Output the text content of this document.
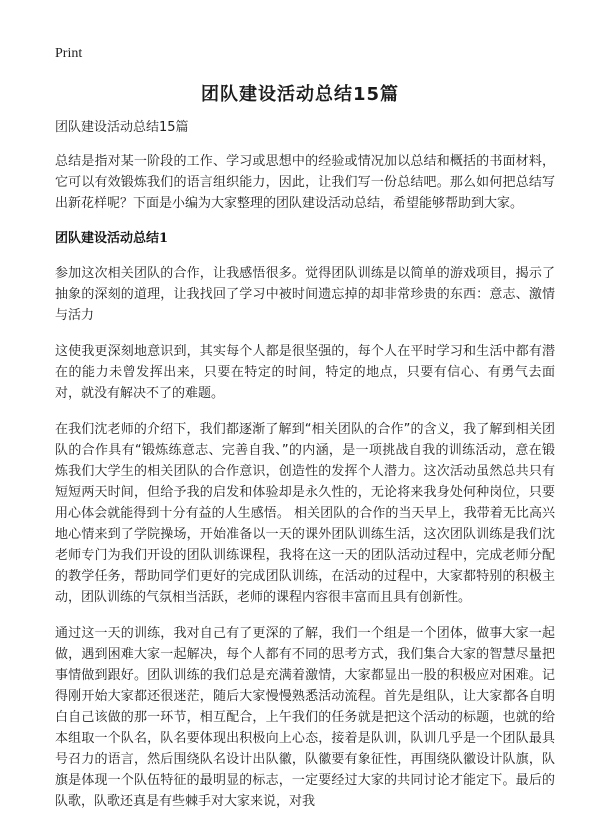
Print
团队建设活动总结15篇
团队建设活动总结15篇

总结是指对某一阶段的工作、学习或思想中的经验或情况加以总结和概括的书面材料，它可以有效锻炼我们的语言组织能力，因此，让我们写一份总结吧。那么如何把总结写出新花样呢？下面是小编为大家整理的团队建设活动总结，希望能够帮助到大家。

团队建设活动总结1

参加这次相关团队的合作，让我感悟很多。觉得团队训练是以简单的游戏项目，揭示了抽象的深刻的道理，让我找回了学习中被时间遗忘掉的却非常珍贵的东西：意志、激情与活力

这使我更深刻地意识到，其实每个人都是很坚强的，每个人在平时学习和生活中都有潜在的能力未曾发挥出来，只要在特定的时间，特定的地点，只要有信心、有勇气去面对，就没有解决不了的难题。

在我们沈老师的介绍下，我们都逐渐了解到“相关团队的合作”的含义，我了解到相关团队的合作具有“锻炼练意志、完善自我、”的内涵，是一项挑战自我的训练活动，意在锻炼我们大学生的相关团队的合作意识，创造性的发挥个人潜力。这次活动虽然总共只有短短两天时间，但给予我的启发和体验却是永久性的，无论将来我身处何种岗位，只要用心体会就能得到十分有益的人生感悟。 相关团队的合作的当天早上，我带着无比高兴地心情来到了学院操场，开始准备以一天的课外团队训练生活，这次团队训练是我们沈老师专门为我们开设的团队训练课程，我将在这一天的团队活动过程中，完成老师分配的教学任务，帮助同学们更好的完成团队训练，在活动的过程中，大家都特别的积极主动，团队训练的气氛相当活跃，老师的课程内容很丰富而且具有创新性。

通过这一天的训练，我对自己有了更深的了解，我们一个组是一个团体，做事大家一起做，遇到困难大家一起解决，每个人都有不同的思考方式，我们集合大家的智慧尽量把事情做到跟好。团队训练的我们总是充满着激情，大家都显出一股的积极应对困难。记得刚开始大家都还很迷茫，随后大家慢慢熟悉活动流程。首先是组队，让大家都各自明白自己该做的那一环节，相互配合，上午我们的任务就是把这个活动的标题，也就的给本组取一个队名，队名要体现出积极向上心态，接着是队训，队训几乎是一个团队最具号召力的语言，然后围绕队名设计出队徽，队徽要有象征性，再围绕队徽设计队旗，队旗是体现一个队伍特征的最明显的标志，一定要经过大家的共同讨论才能定下。最后的队歌，队歌还真是有些棘手对大家来说，对我
